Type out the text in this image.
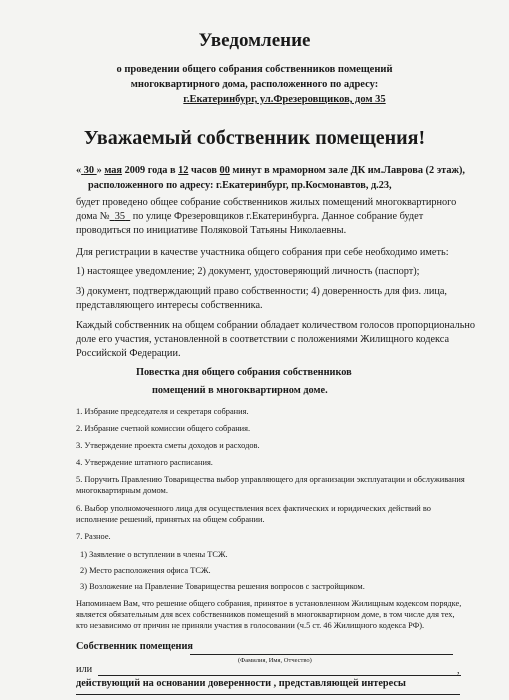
Уведомление
о проведении общего собрания собственников помещений
многоквартирного дома, расположенного по адресу:
г.Екатеринбург, ул.Фрезеровщиков, дом 35
Уважаемый собственник помещения!
« 30 » мая 2009 года в 12 часов 00 минут в мраморном зале ДК им.Лаврова (2 этаж),
расположенного по адресу: г.Екатеринбург, пр.Космонавтов, д.23,
будет проведено общее собрание собственников жилых помещений многоквартирного
дома № 35 по улице Фрезеровщиков г.Екатеринбурга. Данное собрание будет
проводиться по инициативе Поляковой Татьяны Николаевны.
Для регистрации в качестве участника общего собрания при себе необходимо иметь:
1) настоящее уведомление; 2) документ, удостоверяющий личность (паспорт);
3) документ, подтверждающий право собственности; 4) доверенность для физ. лица,
представляющего интересы собственника.
Каждый собственник на общем собрании обладает количеством голосов пропорционально
доле его участия, установленной в соответствии с положениями Жилищного кодекса
Российской Федерации.
Повестка дня общего собрания собственников
помещений в многоквартирном доме.
1. Избрание председателя и секретаря собрания.
2. Избрание счетной комиссии общего собрания.
3. Утверждение проекта сметы доходов и расходов.
4. Утверждение штатного расписания.
5. Поручить Правлению Товарищества выбор управляющего для организации эксплуатации и обслуживания
многоквартирным домом.
6. Выбор уполномоченного лица для осуществления всех фактических и юридических действий во
исполнение решений, принятых на общем собрании.
7. Разное.
1) Заявление о вступлении в члены ТСЖ.
2) Место расположения офиса ТСЖ.
3) Возложение на Правление Товарищества решения вопросов с застройщиком.
Напоминаем Вам, что решение общего собрания, принятое в установленном Жилищным кодексом порядке,
является обязательным для всех собственников помещений в многоквартирном доме, в том числе для тех,
кто независимо от причин не приняли участия в голосовании (ч.5 ст. 46 Жилищного кодекса РФ).
Собственник помещения
(Фамилия, Имя, Отчество)
или	,
действующий на основании доверенности , представляющей интересы
